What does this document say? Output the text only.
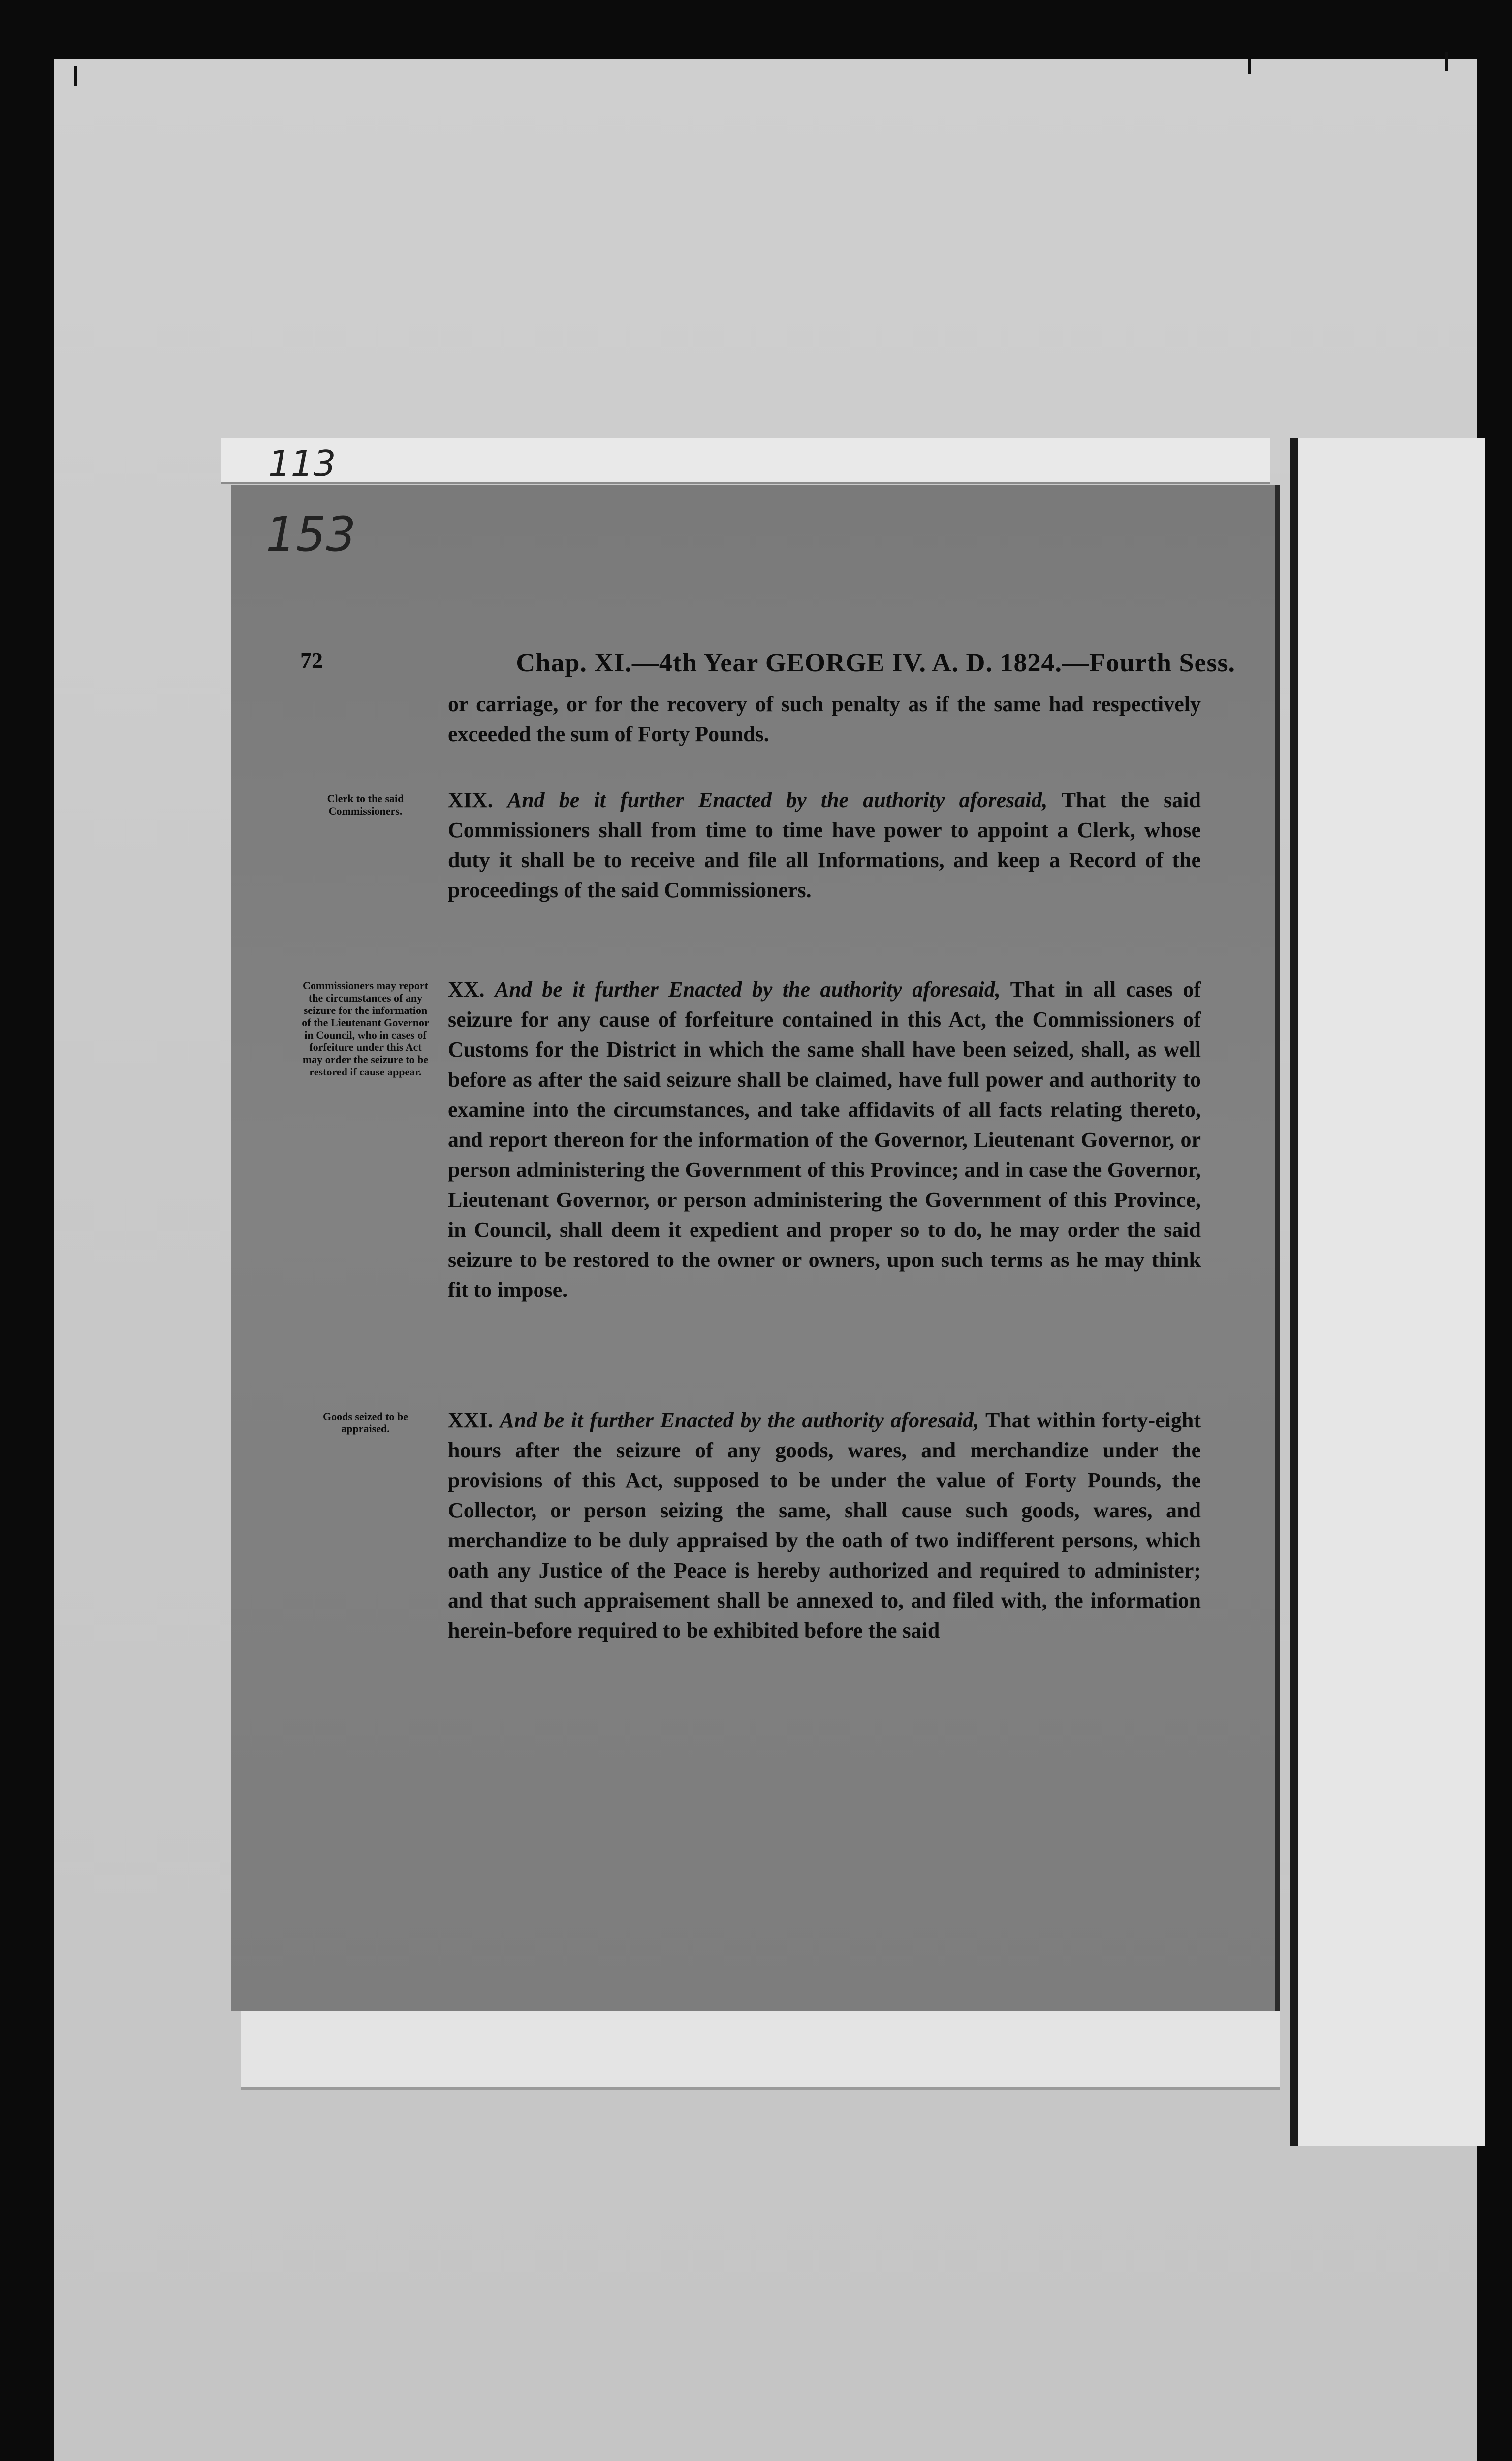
113
153
72	Chap. XI.—4th Year GEORGE IV. A. D. 1824.—Fourth Sess.

or carriage, or for the recovery of such penalty as if the same had respectively exceeded the sum of Forty Pounds.

Clerk to the said Commissioners.	XIX. And be it further Enacted by the authority aforesaid, That the said Commissioners shall from time to time have power to appoint a Clerk, whose duty it shall be to receive and file all Informations, and keep a Record of the proceedings of the said Commissioners.

Commissioners may report the circumstances of any seizure for the information of the Lieutenant Governor in Council, who in cases of forfeiture under this Act may order the seizure to be restored if cause appear.

XX. And be it further Enacted by the authority aforesaid, That in all cases of seizure for any cause of forfeiture contained in this Act, the Commissioners of Customs for the District in which the same shall have been seized, shall, as well before as after the said seizure shall be claimed, have full power and authority to examine into the circumstances, and take affidavits of all facts relating thereto, and report thereon for the information of the Governor, Lieutenant Governor, or person administering the Government of this Province; and in case the Governor, Lieutenant Governor, or person administering the Government of this Province, in Council, shall deem it expedient and proper so to do, he may order the said seizure to be restored to the owner or owners, upon such terms as he may think fit to impose.

Goods seized to be appraised.	XXI. And be it further Enacted by the authority aforesaid, That within forty-eight hours after the seizure of any goods, wares, and merchandize under the provisions of this Act, supposed to be under the value of Forty Pounds, the Collector, or person seizing the same, shall cause such goods, wares, and merchandize to be duly appraised by the oath of two indifferent persons, which oath any Justice of the Peace is hereby authorized and required to administer; and that such appraisement shall be annexed to, and filed with, the information herein-before required to be exhibited before the said
